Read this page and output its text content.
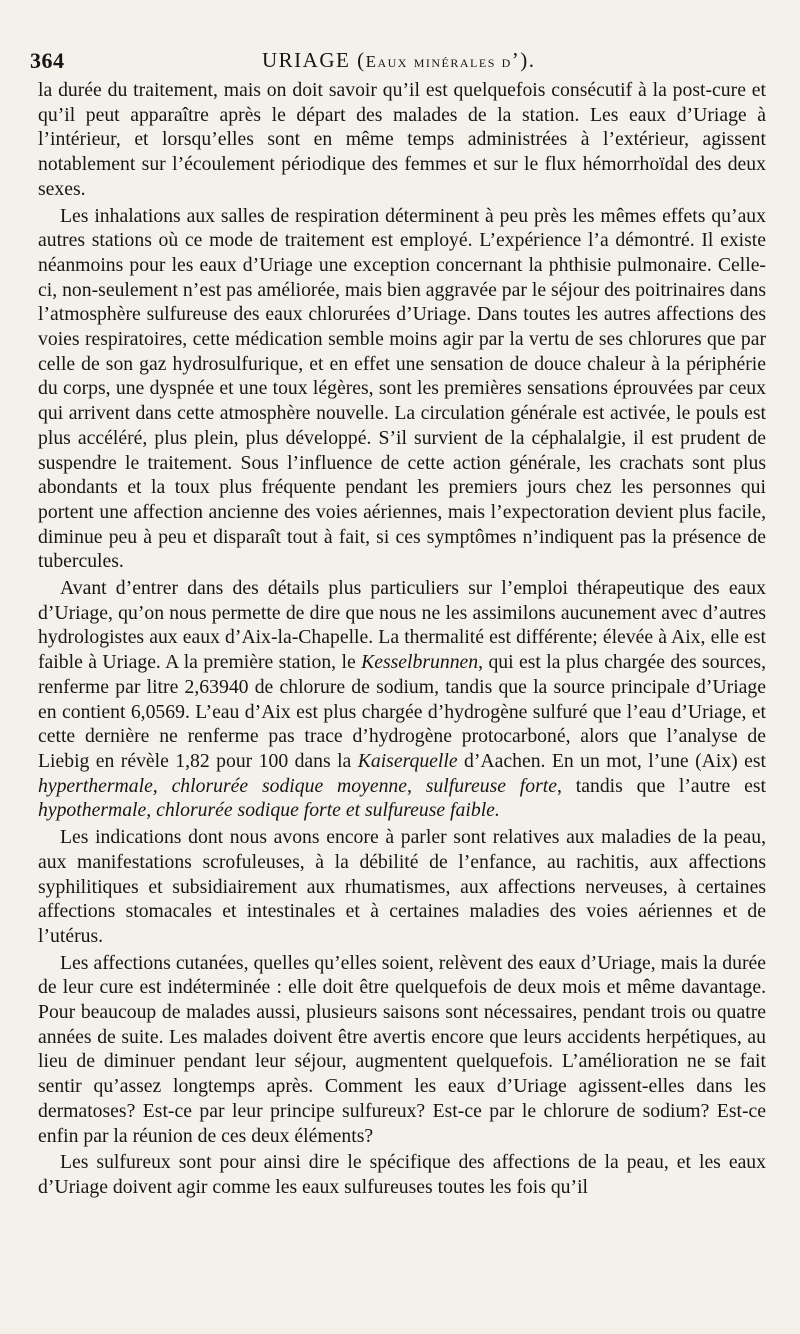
364	URIAGE (Eaux minérales d’).

la durée du traitement, mais on doit savoir qu’il est quelquefois consécutif à la post-cure et qu’il peut apparaître après le départ des malades de la station. Les eaux d’Uriage à l’intérieur, et lorsqu’elles sont en même temps administrées à l’extérieur, agissent notablement sur l’écoulement périodique des femmes et sur le flux hémorrhoïdal des deux sexes.

Les inhalations aux salles de respiration déterminent à peu près les mêmes effets qu’aux autres stations où ce mode de traitement est employé. L’expérience l’a démontré. Il existe néanmoins pour les eaux d’Uriage une exception concernant la phthisie pulmonaire. Celle-ci, non-seulement n’est pas améliorée, mais bien aggravée par le séjour des poitrinaires dans l’atmosphère sulfureuse des eaux chlorurées d’Uriage. Dans toutes les autres affections des voies respiratoires, cette médication semble moins agir par la vertu de ses chlorures que par celle de son gaz hydrosulfurique, et en effet une sensation de douce chaleur à la périphérie du corps, une dyspnée et une toux légères, sont les premières sensations éprouvées par ceux qui arrivent dans cette atmosphère nouvelle. La circulation générale est activée, le pouls est plus accéléré, plus plein, plus développé. S’il survient de la céphalalgie, il est prudent de suspendre le traitement. Sous l’influence de cette action générale, les crachats sont plus abondants et la toux plus fréquente pendant les premiers jours chez les personnes qui portent une affection ancienne des voies aériennes, mais l’expectoration devient plus facile, diminue peu à peu et disparaît tout à fait, si ces symptômes n’indiquent pas la présence de tubercules.

Avant d’entrer dans des détails plus particuliers sur l’emploi thérapeutique des eaux d’Uriage, qu’on nous permette de dire que nous ne les assimilons aucunement avec d’autres hydrologistes aux eaux d’Aix-la-Chapelle. La thermalité est différente; élevée à Aix, elle est faible à Uriage. A la première station, le Kesselbrunnen, qui est la plus chargée des sources, renferme par litre 2,63940 de chlorure de sodium, tandis que la source principale d’Uriage en contient 6,0569. L’eau d’Aix est plus chargée d’hydrogène sulfuré que l’eau d’Uriage, et cette dernière ne renferme pas trace d’hydrogène protocarboné, alors que l’analyse de Liebig en révèle 1,82 pour 100 dans la Kaiserquelle d’Aachen. En un mot, l’une (Aix) est hyperthermale, chlorurée sodique moyenne, sulfureuse forte, tandis que l’autre est hypothermale, chlorurée sodique forte et sulfureuse faible.

Les indications dont nous avons encore à parler sont relatives aux maladies de la peau, aux manifestations scrofuleuses, à la débilité de l’enfance, au rachitis, aux affections syphilitiques et subsidiairement aux rhumatismes, aux affections nerveuses, à certaines affections stomacales et intestinales et à certaines maladies des voies aériennes et de l’utérus.

Les affections cutanées, quelles qu’elles soient, relèvent des eaux d’Uriage, mais la durée de leur cure est indéterminée : elle doit être quelquefois de deux mois et même davantage. Pour beaucoup de malades aussi, plusieurs saisons sont nécessaires, pendant trois ou quatre années de suite. Les malades doivent être avertis encore que leurs accidents herpétiques, au lieu de diminuer pendant leur séjour, augmentent quelquefois. L’amélioration ne se fait sentir qu’assez longtemps après. Comment les eaux d’Uriage agissent-elles dans les dermatoses? Est-ce par leur principe sulfureux? Est-ce par le chlorure de sodium? Est-ce enfin par la réunion de ces deux éléments?

Les sulfureux sont pour ainsi dire le spécifique des affections de la peau, et les eaux d’Uriage doivent agir comme les eaux sulfureuses toutes les fois qu’il
